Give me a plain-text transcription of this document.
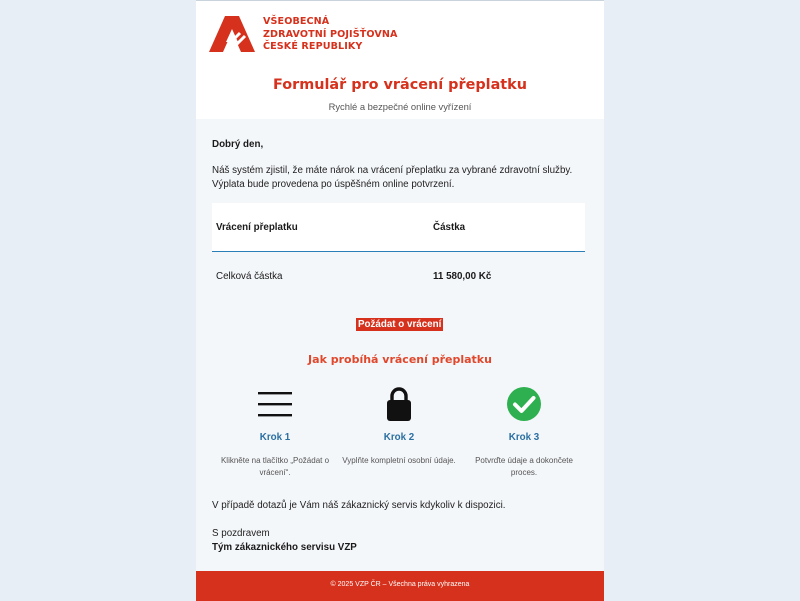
VŠEOBECNÁ
ZDRAVOTNÍ POJIŠŤOVNA
ČESKÉ REPUBLIKY
Formulář pro vrácení přeplatku
Rychlé a bezpečné online vyřízení
Dobrý den,
Náš systém zjistil, že máte nárok na vrácení přeplatku za vybrané zdravotní služby.
Výplata bude provedena po úspěšném online potvrzení.
Vrácení přeplatku	Částka
Celková částka	11 580,00 Kč
Požádat o vrácení
Jak probíhá vrácení přeplatku
Krok 1
Klikněte na tlačítko „Požádat o vrácení“.
Krok 2
Vyplňte kompletní osobní údaje.
Krok 3
Potvrďte údaje a dokončete proces.
V případě dotazů je Vám náš zákaznický servis kdykoliv k dispozici.
S pozdravem
Tým zákaznického servisu VZP
© 2025 VZP ČR – Všechna práva vyhrazena
